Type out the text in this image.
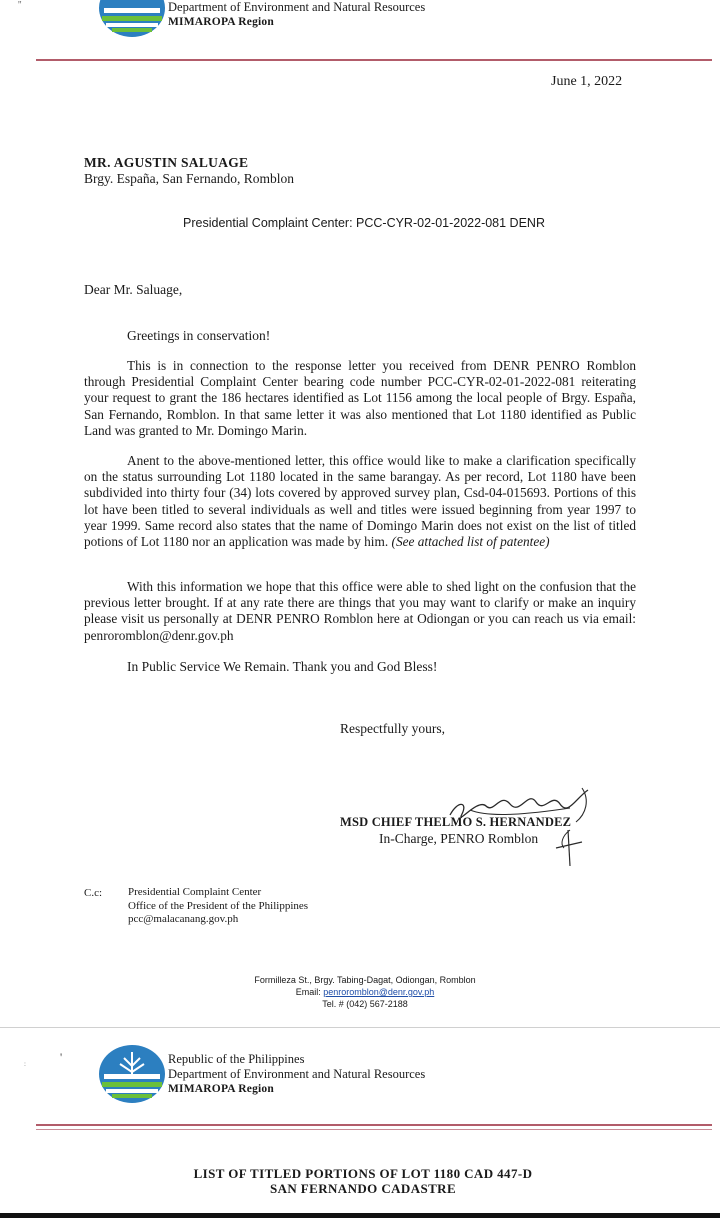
''	Department of Environment and Natural Resources
MIMAROPA Region
June 1, 2022
MR. AGUSTIN SALUAGE
Brgy. España, San Fernando, Romblon
Presidential Complaint Center: PCC-CYR-02-01-2022-081 DENR
Dear Mr. Saluage,
Greetings in conservation!
This is in connection to the response letter you received from DENR PENRO Romblon through Presidential Complaint Center bearing code number PCC-CYR-02-01-2022-081 reiterating your request to grant the 186 hectares identified as Lot 1156 among the local people of Brgy. España, San Fernando, Romblon. In that same letter it was also mentioned that Lot 1180 identified as Public Land was granted to Mr. Domingo Marin.
Anent to the above-mentioned letter, this office would like to make a clarification specifically on the status surrounding Lot 1180 located in the same barangay. As per record, Lot 1180 have been subdivided into thirty four (34) lots covered by approved survey plan, Csd-04-015693. Portions of this lot have been titled to several individuals as well and titles were issued beginning from year 1997 to year 1999. Same record also states that the name of Domingo Marin does not exist on the list of titled potions of Lot 1180 nor an application was made by him. (See attached list of patentee)
With this information we hope that this office were able to shed light on the confusion that the previous letter brought. If at any rate there are things that you may want to clarify or make an inquiry please visit us personally at DENR PENRO Romblon here at Odiongan or you can reach us via email: penroromblon@denr.gov.ph
In Public Service We Remain. Thank you and God Bless!
Respectfully yours,
MSD CHIEF THELMO S. HERNANDEZ
In-Charge, PENRO Romblon
C.c: Presidential Complaint Center
Office of the President of the Philippines
pcc@malacanang.gov.ph
Formilleza St., Brgy. Tabing-Dagat, Odiongan, Romblon
Email: penroromblon@denr.gov.ph
Tel. # (042) 567-2188
:	'	Republic of the Philippines
Department of Environment and Natural Resources
MIMAROPA Region
LIST OF TITLED PORTIONS OF LOT 1180 CAD 447-D
SAN FERNANDO CADASTRE
